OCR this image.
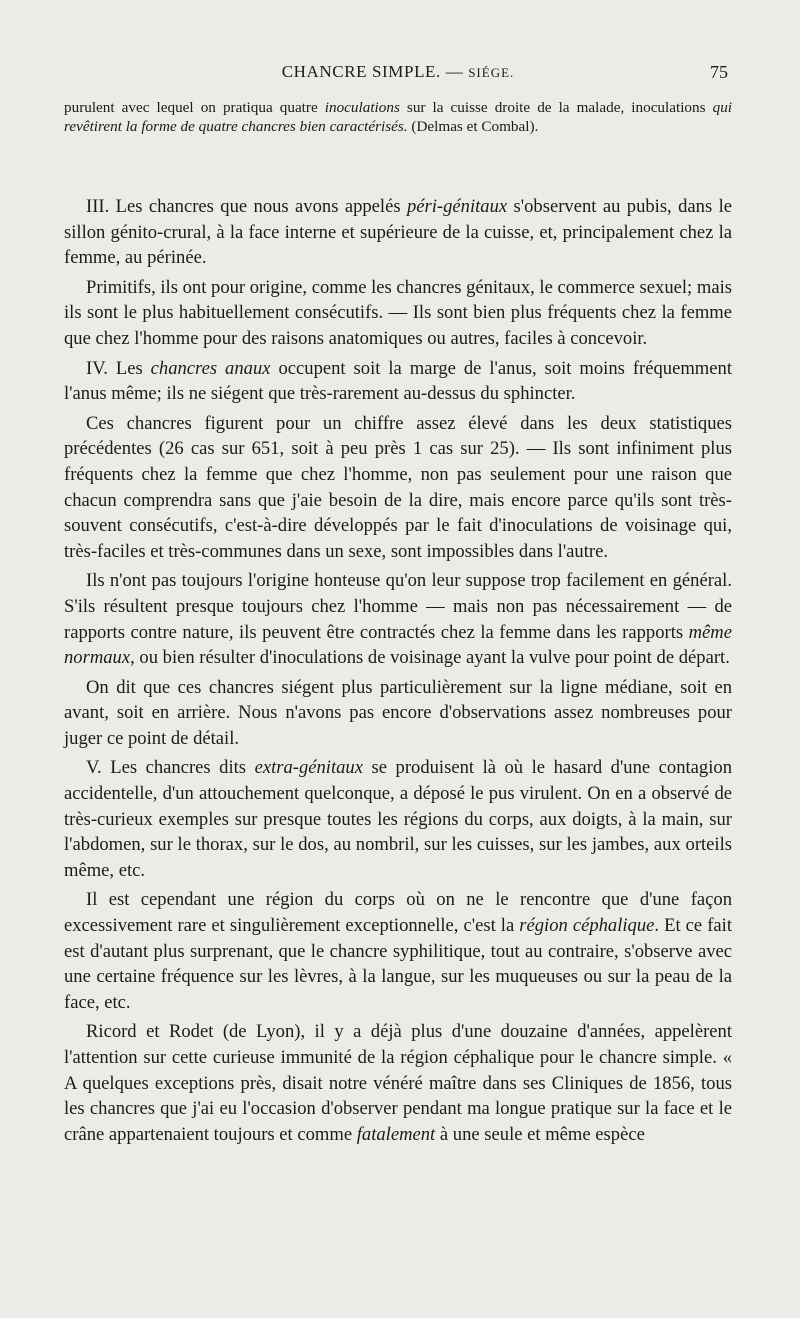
CHANCRE SIMPLE. — SIÉGE.	75
purulent avec lequel on pratiqua quatre inoculations sur la cuisse droite de la malade, inoculations qui revêtirent la forme de quatre chancres bien caractérisés. (Delmas et Combal).

III. Les chancres que nous avons appelés péri-génitaux s'observent au pubis, dans le sillon génito-crural, à la face interne et supérieure de la cuisse, et, principalement chez la femme, au périnée.

Primitifs, ils ont pour origine, comme les chancres génitaux, le commerce sexuel; mais ils sont le plus habituellement consécutifs. — Ils sont bien plus fréquents chez la femme que chez l'homme pour des raisons anatomiques ou autres, faciles à concevoir.

IV. Les chancres anaux occupent soit la marge de l'anus, soit moins fréquemment l'anus même; ils ne siégent que très-rarement au-dessus du sphincter.

Ces chancres figurent pour un chiffre assez élevé dans les deux statistiques précédentes (26 cas sur 651, soit à peu près 1 cas sur 25). — Ils sont infiniment plus fréquents chez la femme que chez l'homme, non pas seulement pour une raison que chacun comprendra sans que j'aie besoin de la dire, mais encore parce qu'ils sont très-souvent consécutifs, c'est-à-dire développés par le fait d'inoculations de voisinage qui, très-faciles et très-communes dans un sexe, sont impossibles dans l'autre.

Ils n'ont pas toujours l'origine honteuse qu'on leur suppose trop facilement en général. S'ils résultent presque toujours chez l'homme — mais non pas nécessairement — de rapports contre nature, ils peuvent être contractés chez la femme dans les rapports même normaux, ou bien résulter d'inoculations de voisinage ayant la vulve pour point de départ.

On dit que ces chancres siégent plus particulièrement sur la ligne médiane, soit en avant, soit en arrière. Nous n'avons pas encore d'observations assez nombreuses pour juger ce point de détail.

V. Les chancres dits extra-génitaux se produisent là où le hasard d'une contagion accidentelle, d'un attouchement quelconque, a déposé le pus virulent. On en a observé de très-curieux exemples sur presque toutes les régions du corps, aux doigts, à la main, sur l'abdomen, sur le thorax, sur le dos, au nombril, sur les cuisses, sur les jambes, aux orteils même, etc.

Il est cependant une région du corps où on ne le rencontre que d'une façon excessivement rare et singulièrement exceptionnelle, c'est la région céphalique. Et ce fait est d'autant plus surprenant, que le chancre syphilitique, tout au contraire, s'observe avec une certaine fréquence sur les lèvres, à la langue, sur les muqueuses ou sur la peau de la face, etc.

Ricord et Rodet (de Lyon), il y a déjà plus d'une douzaine d'années, appelèrent l'attention sur cette curieuse immunité de la région céphalique pour le chancre simple. « A quelques exceptions près, disait notre vénéré maître dans ses Cliniques de 1856, tous les chancres que j'ai eu l'occasion d'observer pendant ma longue pratique sur la face et le crâne appartenaient toujours et comme fatalement à une seule et même espèce
